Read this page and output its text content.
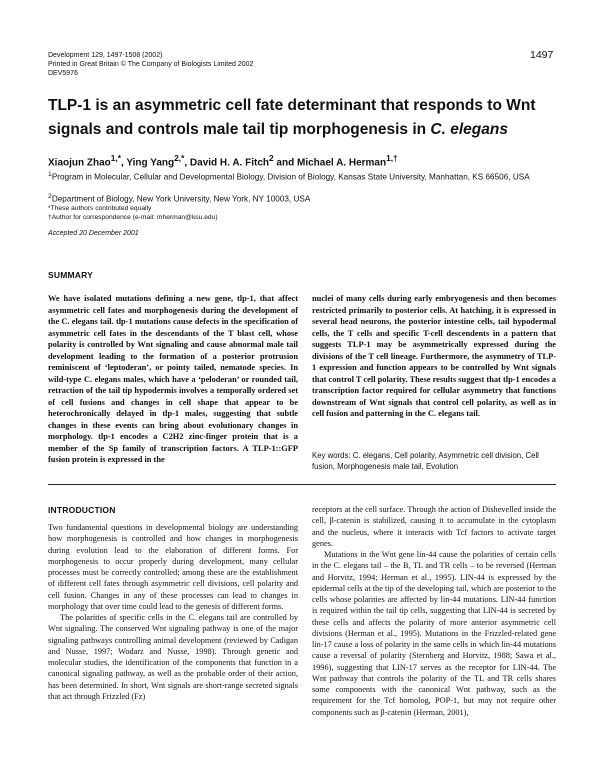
Development 129, 1497-1508 (2002)
Printed in Great Britain © The Company of Biologists Limited 2002
DEV5976
1497
TLP-1 is an asymmetric cell fate determinant that responds to Wnt signals and controls male tail tip morphogenesis in C. elegans
Xiaojun Zhao$^{1,*}$, Ying Yang$^{2,*}$, David H. A. Fitch$^2$ and Michael A. Herman$^{1,\dagger}$
$^1$Program in Molecular, Cellular and Developmental Biology, Division of Biology, Kansas State University, Manhattan, KS 66506, USA
$^2$Department of Biology, New York University, New York, NY 10003, USA
*These authors contributed equally
†Author for correspondence (e-mail: mherman@ksu.edu)
Accepted 20 December 2001
SUMMARY
We have isolated mutations defining a new gene, tlp-1, that affect asymmetric cell fates and morphogenesis during the development of the C. elegans tail. tlp-1 mutations cause defects in the specification of asymmetric cell fates in the descendants of the T blast cell, whose polarity is controlled by Wnt signaling and cause abnormal male tail development leading to the formation of a posterior protrusion reminiscent of ‘leptoderan’, or pointy tailed, nematode species. In wild-type C. elegans males, which have a ‘peloderan’ or rounded tail, retraction of the tail tip hypodermis involves a temporally ordered set of cell fusions and changes in cell shape that appear to be heterochronically delayed in tlp-1 males, suggesting that subtle changes in these events can bring about evolutionary changes in morphology. tlp-1 encodes a C2H2 zinc-finger protein that is a member of the Sp family of transcription factors. A TLP-1::GFP fusion protein is expressed in the
nuclei of many cells during early embryogenesis and then becomes restricted primarily to posterior cells. At hatching, it is expressed in several head neurons, the posterior intestine cells, tail hypodermal cells, the T cells and specific T-cell descendents in a pattern that suggests TLP-1 may be asymmetrically expressed during the divisions of the T cell lineage. Furthermore, the asymmetry of TLP-1 expression and function appears to be controlled by Wnt signals that control T cell polarity. These results suggest that tlp-1 encodes a transcription factor required for cellular asymmetry that functions downstream of Wnt signals that control cell polarity, as well as in cell fusion and patterning in the C. elegans tail.
Key words: C. elegans, Cell polarity, Asymmetric cell division, Cell fusion, Morphogenesis male tail, Evolution
INTRODUCTION

Two fundamental questions in developmental biology are understanding how morphogenesis is controlled and how changes in morphogenesis during evolution lead to the elaboration of different forms. For morphogenesis to occur properly during development, many cellular processes must be correctly controlled; among these are the establishment of different cell fates through asymmetric cell divisions, cell polarity and cell fusion. Changes in any of these processes can lead to changes in morphology that over time could lead to the genesis of different forms.

The polarities of specific cells in the C. elegans tail are controlled by Wnt signaling. The conserved Wnt signaling pathway is one of the major signaling pathways controlling animal development (reviewed by Cadigan and Nusse, 1997; Wodarz and Nusse, 1998). Through genetic and molecular studies, the identification of the components that function in a canonical signaling pathway, as well as the probable order of their action, has been determined. In short, Wnt signals are short-range secreted signals that act through Frizzled (Fz)

receptors at the cell surface. Through the action of Dishevelled inside the cell, β-catenin is stabilized, causing it to accumulate in the cytoplasm and the nucleus, where it interacts with Tcf factors to activate target genes.

Mutations in the Wnt gene lin-44 cause the polarities of certain cells in the C. elegans tail – the B, TL and TR cells – to be reversed (Herman and Horvitz, 1994; Herman et al., 1995). LIN-44 is expressed by the epidermal cells at the tip of the developing tail, which are posterior to the cells whose polarities are affected by lin-44 mutations. LIN-44 function is required within the tail tip cells, suggesting that LIN-44 is secreted by these cells and affects the polarity of more anterior asymmetric cell divisions (Herman et al., 1995). Mutations in the Frizzled-related gene lin-17 cause a loss of polarity in the same cells in which lin-44 mutations cause a reversal of polarity (Sternberg and Horvitz, 1988; Sawa et al., 1996), suggesting that LIN-17 serves as the receptor for LIN-44. The Wnt pathway that controls the polarity of the TL and TR cells shares some components with the canonical Wnt pathway, such as the requirement for the Tcf homolog, POP-1, but may not require other components such as β-catenin (Herman, 2001),
